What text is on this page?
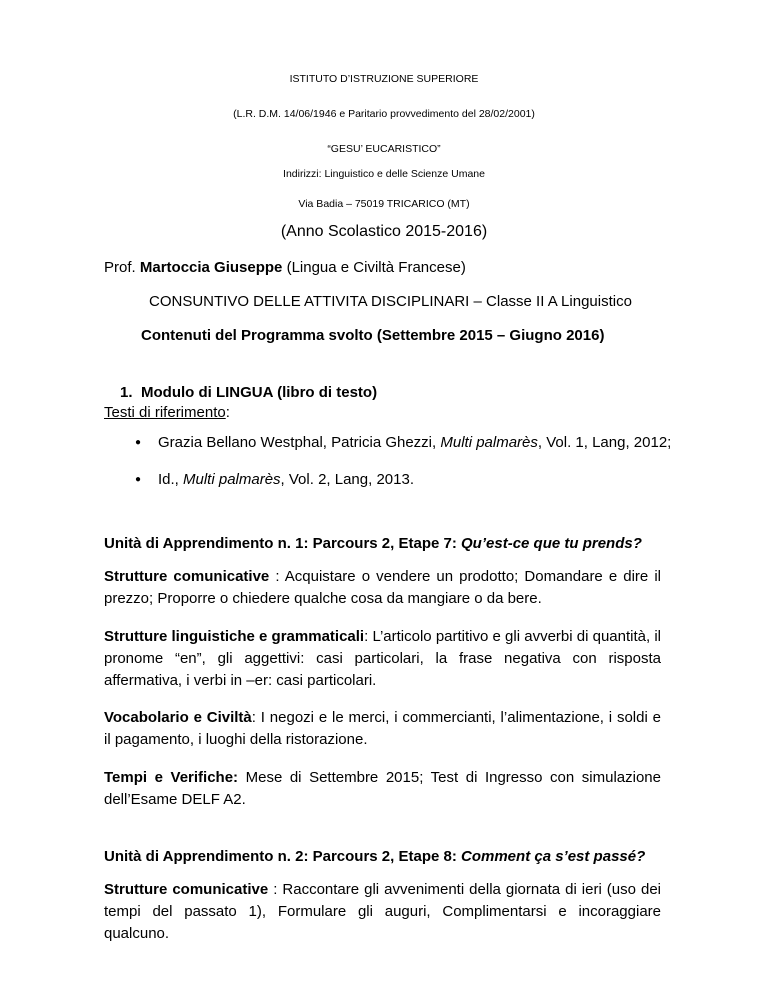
ISTITUTO D’ISTRUZIONE SUPERIORE
(L.R. D.M. 14/06/1946 e Paritario provvedimento del 28/02/2001)
“GESU’ EUCARISTICO”
Indirizzi: Linguistico e delle Scienze Umane
Via Badia – 75019 TRICARICO (MT)
(Anno Scolastico 2015-2016)
Prof. Martoccia Giuseppe (Lingua e Civiltà Francese)
CONSUNTIVO DELLE ATTIVITA DISCIPLINARI – Classe II A Linguistico
Contenuti del Programma svolto (Settembre 2015 – Giugno 2016)
1. Modulo di LINGUA (libro di testo)
Testi di riferimento:
● Grazia Bellano Westphal, Patricia Ghezzi, Multi palmarès, Vol. 1, Lang, 2012;
● Id., Multi palmarès, Vol. 2, Lang, 2013.
Unità di Apprendimento n. 1: Parcours 2, Etape 7: Qu’est-ce que tu prends?
Strutture comunicative : Acquistare o vendere un prodotto; Domandare e dire il prezzo; Proporre o chiedere qualche cosa da mangiare o da bere.
Strutture linguistiche e grammaticali: L’articolo partitivo e gli avverbi di quantità, il pronome “en”, gli aggettivi: casi particolari, la frase negativa con risposta affermativa, i verbi in –er: casi particolari.
Vocabolario e Civiltà: I negozi e le merci, i commercianti, l’alimentazione, i soldi e il pagamento, i luoghi della ristorazione.
Tempi e Verifiche: Mese di Settembre 2015; Test di Ingresso con simulazione dell’Esame DELF A2.
Unità di Apprendimento n. 2: Parcours 2, Etape 8: Comment ça s’est passé?
Strutture comunicative : Raccontare gli avvenimenti della giornata di ieri (uso dei tempi del passato 1), Formulare gli auguri, Complimentarsi e incoraggiare qualcuno.
